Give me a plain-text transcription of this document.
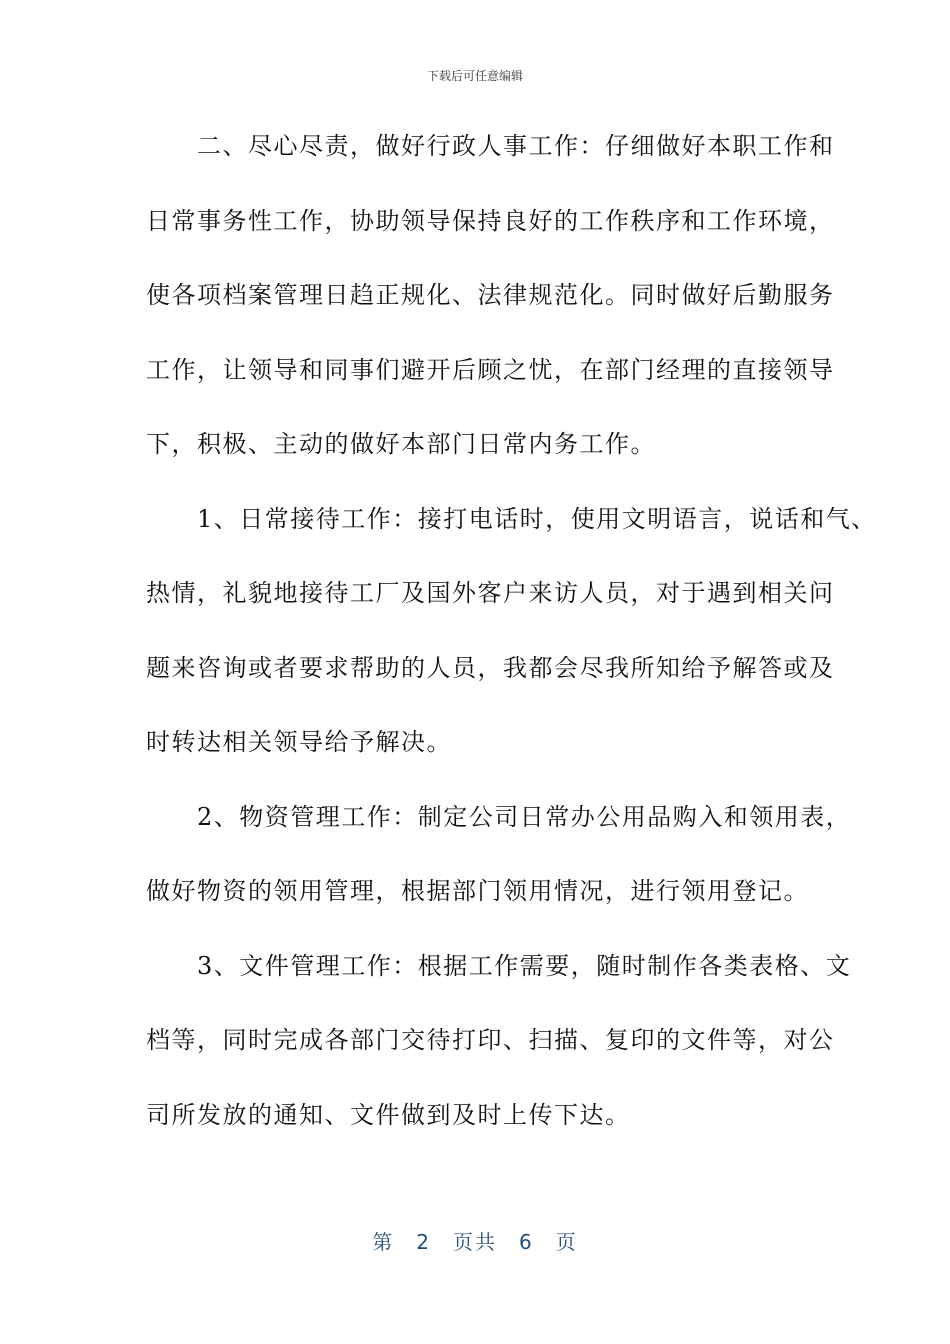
下载后可任意编辑
　　二、尽心尽责，做好行政人事工作：仔细做好本职工作和
日常事务性工作，协助领导保持良好的工作秩序和工作环境，
使各项档案管理日趋正规化、法律规范化。同时做好后勤服务
工作，让领导和同事们避开后顾之忧，在部门经理的直接领导
下，积极、主动的做好本部门日常内务工作。
　　1、日常接待工作：接打电话时，使用文明语言，说话和气、
热情，礼貌地接待工厂及国外客户来访人员，对于遇到相关问
题来咨询或者要求帮助的人员，我都会尽我所知给予解答或及
时转达相关领导给予解决。
　　2、物资管理工作：制定公司日常办公用品购入和领用表，
做好物资的领用管理，根据部门领用情况，进行领用登记。
　　3、文件管理工作：根据工作需要，随时制作各类表格、文
档等，同时完成各部门交待打印、扫描、复印的文件等，对公
司所发放的通知、文件做到及时上传下达。
第 2 页共 6 页
